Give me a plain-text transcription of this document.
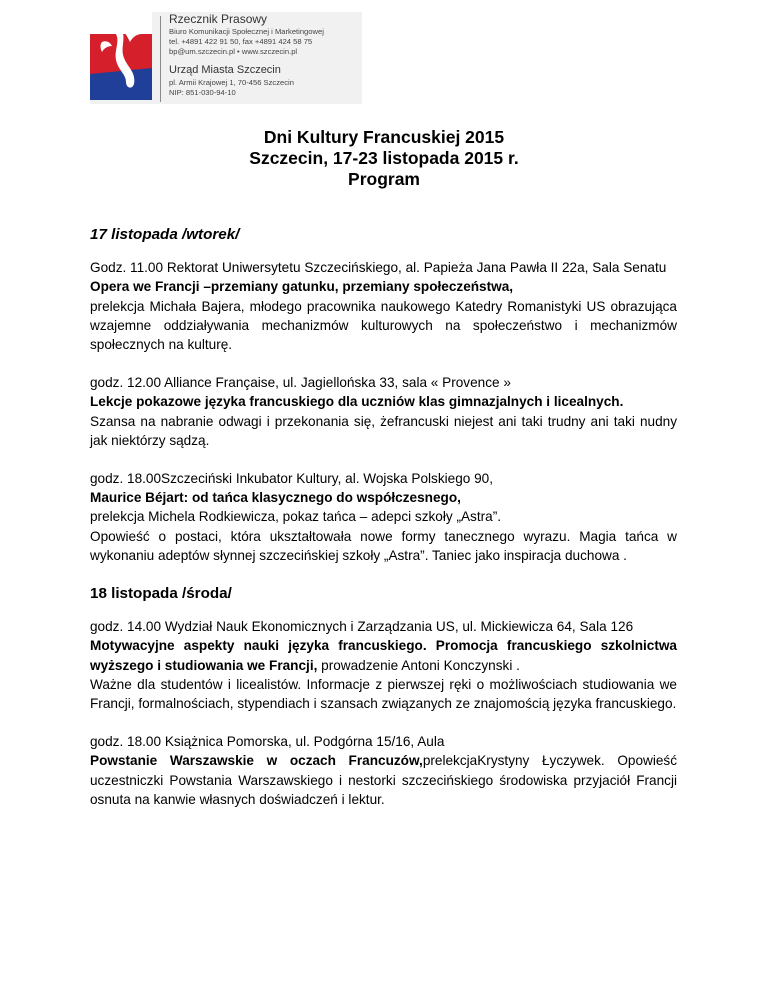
Rzecznik Prasowy

Biuro Komunikacji Społecznej i Marketingowej

tel. +4891 422 91 50, fax +4891 424 58 75

bp@um.szczecin.pl • www.szczecin.pl

Urząd Miasta Szczecin

pl. Armii Krajowej 1, 70-456 Szczecin

NIP: 851-030-94-10

Dni Kultury Francuskiej 2015
Szczecin, 17-23 listopada 2015 r.
Program
17 listopada /wtorek/

Godz. 11.00 Rektorat Uniwersytetu Szczecińskiego, al. Papieża Jana Pawła II 22a, Sala Senatu

Opera we Francji –przemiany gatunku, przemiany społeczeństwa,

prelekcja Michała Bajera, młodego pracownika naukowego Katedry Romanistyki US obrazująca wzajemne oddziaływania mechanizmów kulturowych na społeczeństwo i mechanizmów społecznych na kulturę.

godz. 12.00 Alliance Française, ul. Jagiellońska 33, sala « Provence »

Lekcje pokazowe języka francuskiego dla uczniów klas gimnazjalnych i licealnych.

Szansa na nabranie odwagi i przekonania się, żefrancuski niejest ani taki trudny ani taki nudny jak niektórzy sądzą.

godz. 18.00Szczeciński Inkubator Kultury, al. Wojska Polskiego 90,

Maurice Béjart: od tańca klasycznego do współczesnego,

prelekcja Michela Rodkiewicza, pokaz tańca – adepci szkoły „Astra”.

Opowieść o postaci, która ukształtowała nowe formy tanecznego wyrazu. Magia tańca w wykonaniu adeptów słynnej szczecińskiej szkoły „Astra”. Taniec jako inspiracja duchowa .

18 listopada /środa/

godz. 14.00 Wydział Nauk Ekonomicznych i Zarządzania US, ul. Mickiewicza 64, Sala 126

Motywacyjne aspekty nauki języka francuskiego. Promocja francuskiego szkolnictwa wyższego i studiowania we Francji, prowadzenie Antoni Konczynski .

Ważne dla studentów i licealistów. Informacje z pierwszej ręki o możliwościach studiowania we Francji, formalnościach, stypendiach i szansach związanych ze znajomością języka francuskiego.

godz. 18.00 Książnica Pomorska, ul. Podgórna 15/16, Aula

Powstanie Warszawskie w oczach Francuzów,prelekcjaKrystyny Łyczywek. Opowieść uczestniczki Powstania Warszawskiego i nestorki szczecińskiego środowiska przyjaciół Francji osnuta na kanwie własnych doświadczeń i lektur.
